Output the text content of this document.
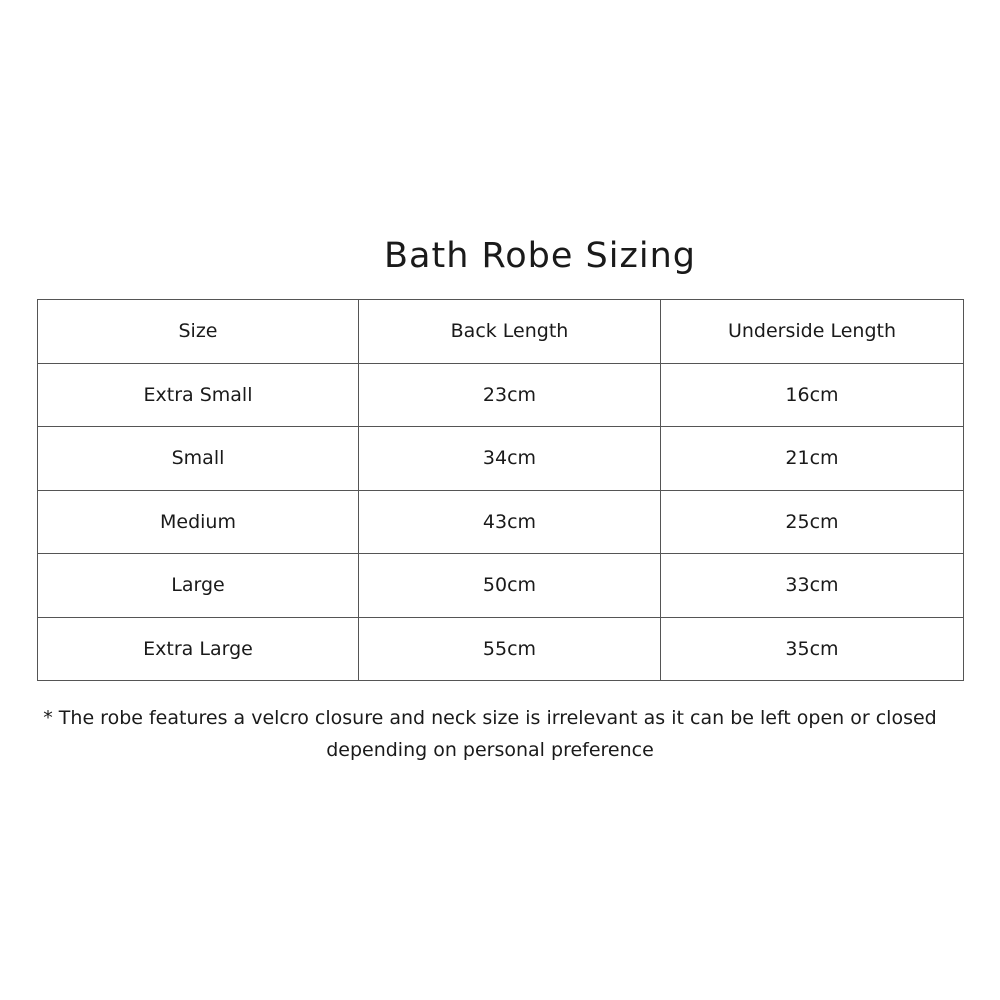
Bath Robe Sizing
Size	Back Length	Underside Length
Extra Small	23cm	16cm
Small	34cm	21cm
Medium	43cm	25cm
Large	50cm	33cm
Extra Large	55cm	35cm

* The robe features a velcro closure and neck size is irrelevant as it can be left open or closed depending on personal preference
